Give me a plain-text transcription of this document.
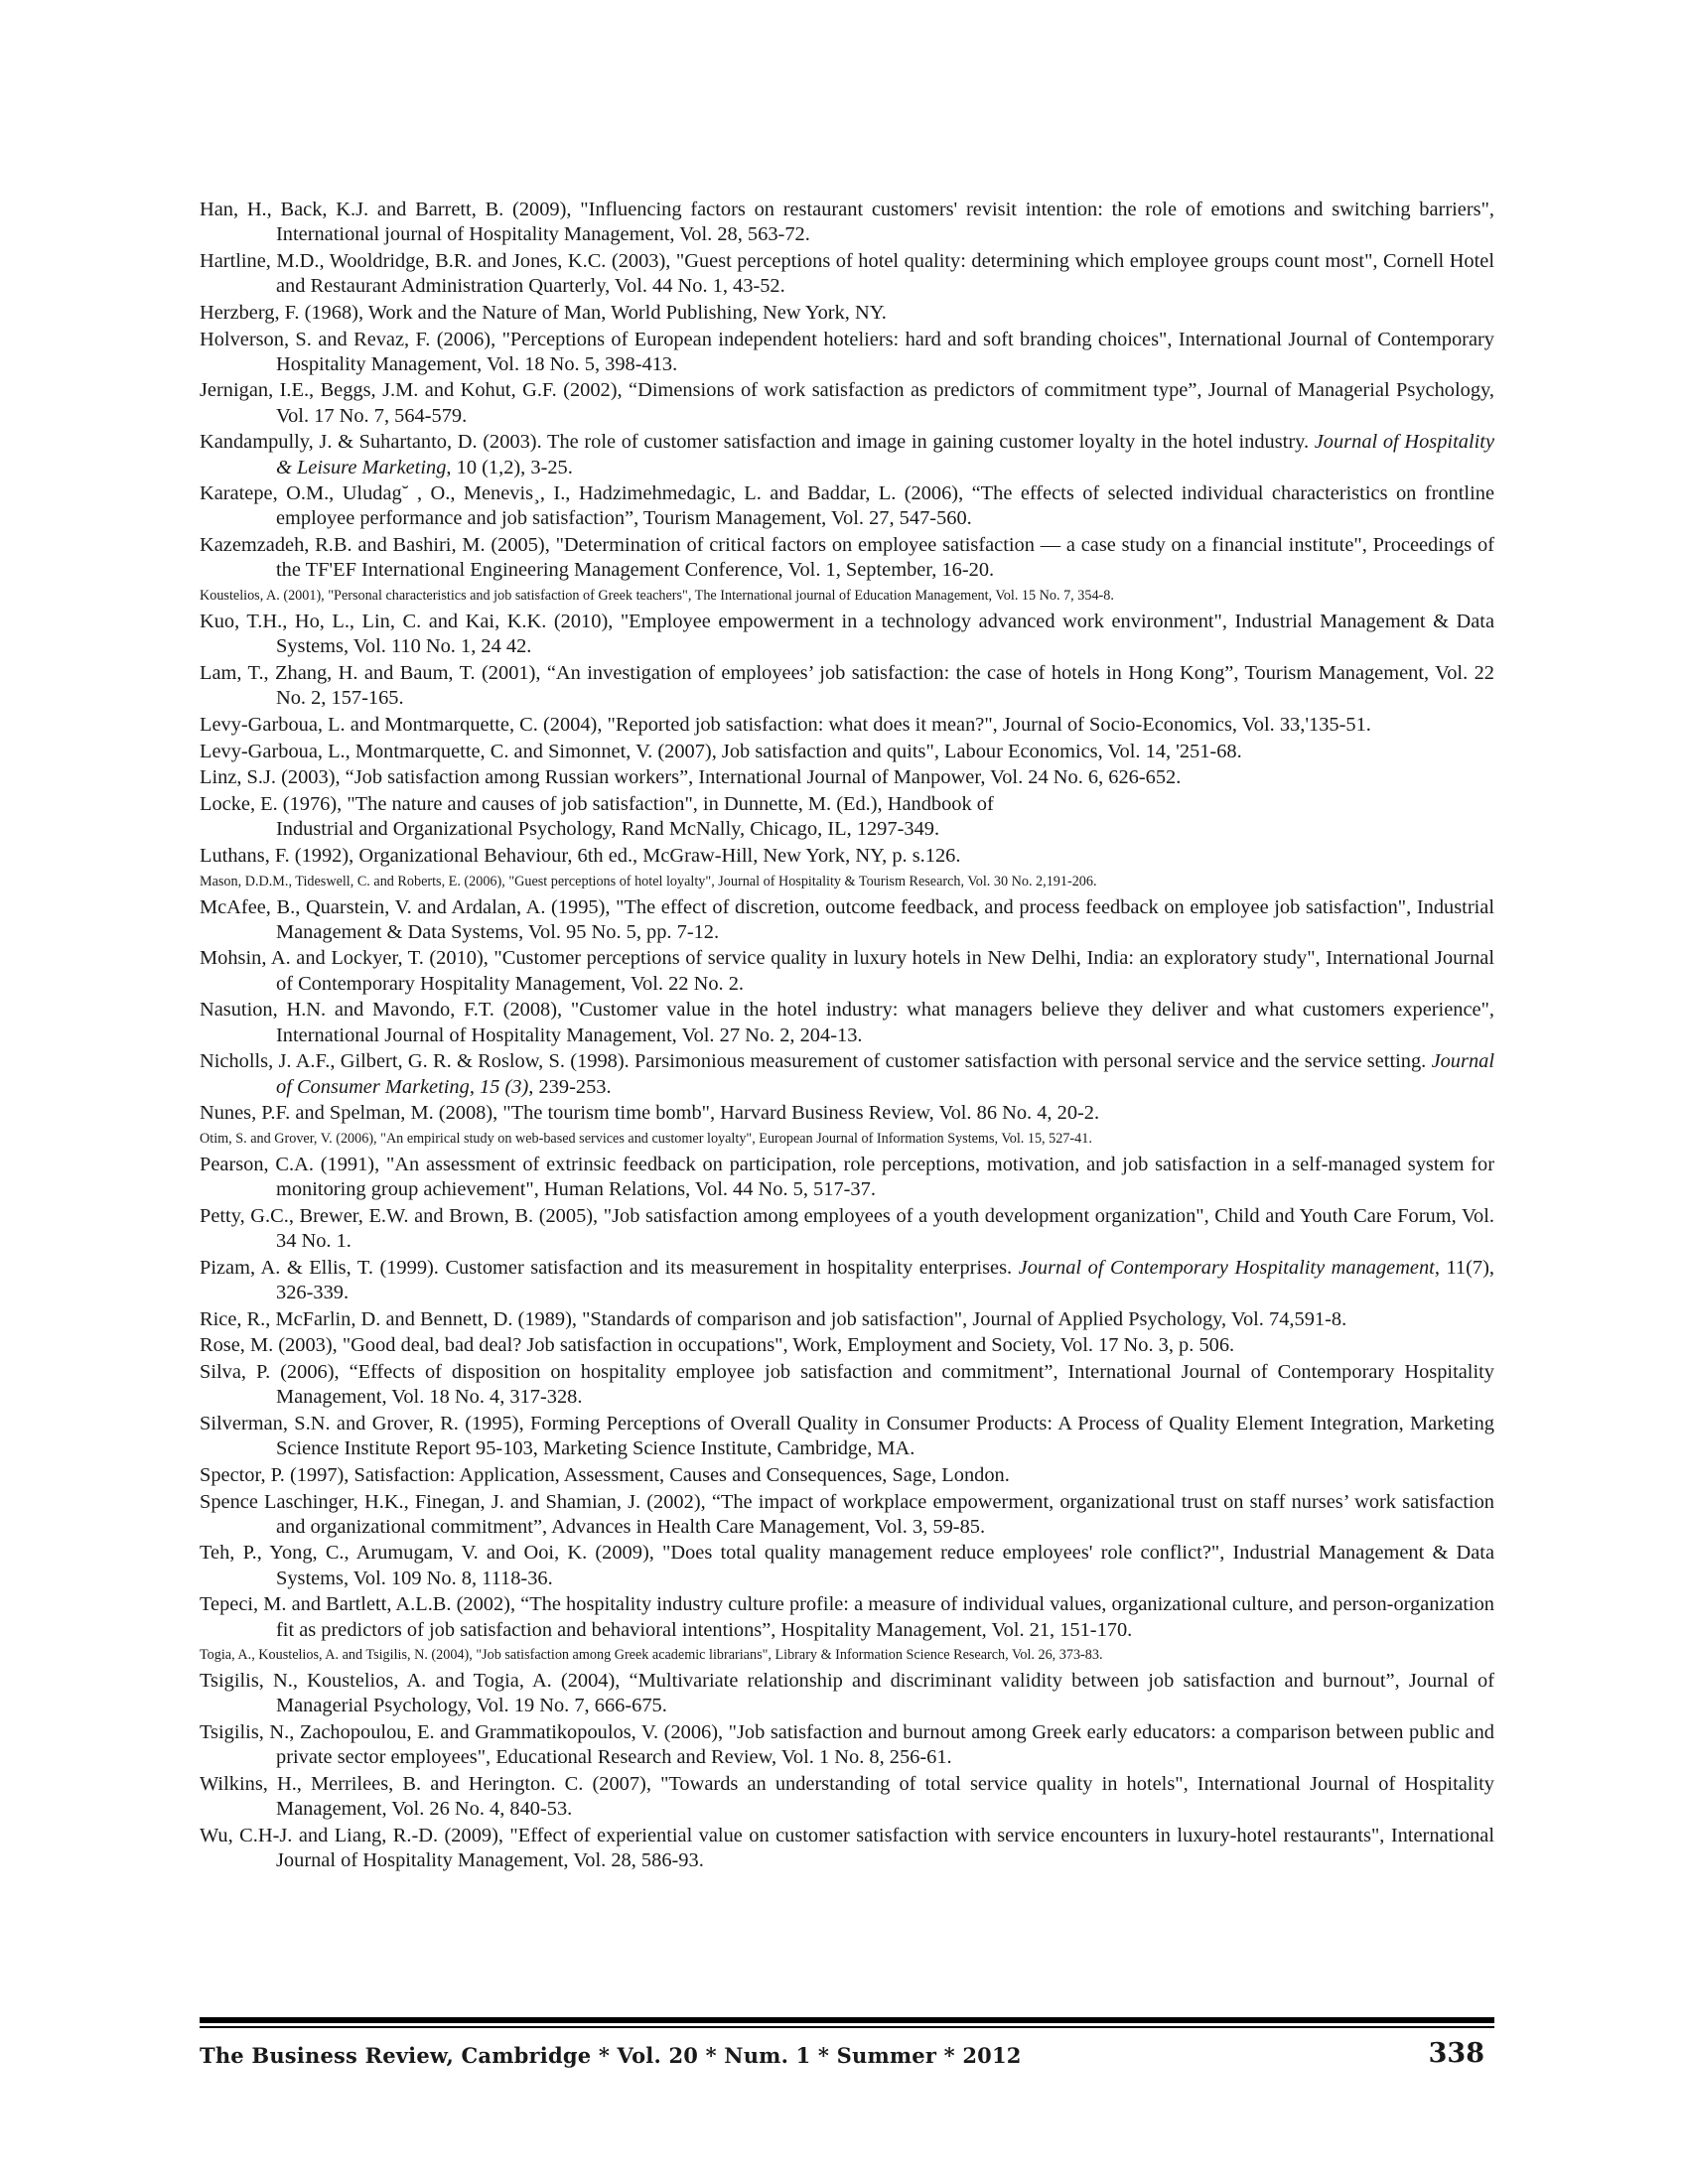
Han, H., Back, K.J. and Barrett, B. (2009), "Influencing factors on restaurant customers' revisit intention: the role of emotions and switching barriers", International journal of Hospitality Management, Vol. 28, 563-72.

Hartline, M.D., Wooldridge, B.R. and Jones, K.C. (2003), "Guest perceptions of hotel quality: determining which employee groups count most", Cornell Hotel and Restaurant Administration Quarterly, Vol. 44 No. 1, 43-52.

Herzberg, F. (1968), Work and the Nature of Man, World Publishing, New York, NY.

Holverson, S. and Revaz, F. (2006), "Perceptions of European independent hoteliers: hard and soft branding choices", International Journal of Contemporary Hospitality Management, Vol. 18 No. 5, 398-413.

Jernigan, I.E., Beggs, J.M. and Kohut, G.F. (2002), “Dimensions of work satisfaction as predictors of commitment type”, Journal of Managerial Psychology, Vol. 17 No. 7, 564-579.

Kandampully, J. & Suhartanto, D. (2003). The role of customer satisfaction and image in gaining customer loyalty in the hotel industry. Journal of Hospitality & Leisure Marketing, 10 (1,2), 3-25.

Karatepe, O.M., Uludag˘ , O., Menevis¸, I., Hadzimehmedagic, L. and Baddar, L. (2006), “The effects of selected individual characteristics on frontline employee performance and job satisfaction”, Tourism Management, Vol. 27, 547-560.

Kazemzadeh, R.B. and Bashiri, M. (2005), "Determination of critical factors on employee satisfaction — a case study on a financial institute", Proceedings of the TF'EF International Engineering Management Conference, Vol. 1, September, 16-20.

Koustelios, A. (2001), "Personal characteristics and job satisfaction of Greek teachers", The International journal of Education Management, Vol. 15 No. 7, 354-8.

Kuo, T.H., Ho, L., Lin, C. and Kai, K.K. (2010), "Employee empowerment in a technology advanced work environment", Industrial Management & Data Systems, Vol. 110 No. 1, 24 42.

Lam, T., Zhang, H. and Baum, T. (2001), “An investigation of employees’ job satisfaction: the case of hotels in Hong Kong”, Tourism Management, Vol. 22 No. 2, 157-165.

Levy-Garboua, L. and Montmarquette, C. (2004), "Reported job satisfaction: what does it mean?", Journal of Socio-Economics, Vol. 33,'135-51.

Levy-Garboua, L., Montmarquette, C. and Simonnet, V. (2007), Job satisfaction and quits", Labour Economics, Vol. 14, '251-68.

Linz, S.J. (2003), “Job satisfaction among Russian workers”, International Journal of Manpower, Vol. 24 No. 6, 626-652.

Locke, E. (1976), "The nature and causes of job satisfaction", in Dunnette, M. (Ed.), Handbook of
Industrial and Organizational Psychology, Rand McNally, Chicago, IL, 1297-349.

Luthans, F. (1992), Organizational Behaviour, 6th ed., McGraw-Hill, New York, NY, p. s.126.

Mason, D.D.M., Tideswell, C. and Roberts, E. (2006), "Guest perceptions of hotel loyalty", Journal of Hospitality & Tourism Research, Vol. 30 No. 2,191-206.

McAfee, B., Quarstein, V. and Ardalan, A. (1995), "The effect of discretion, outcome feedback, and process feedback on employee job satisfaction", Industrial Management & Data Systems, Vol. 95 No. 5, pp. 7-12.

Mohsin, A. and Lockyer, T. (2010), "Customer perceptions of service quality in luxury hotels in New Delhi, India: an exploratory study", International Journal of Contemporary Hospitality Management, Vol. 22 No. 2.

Nasution, H.N. and Mavondo, F.T. (2008), "Customer value in the hotel industry: what managers believe they deliver and what customers experience", International Journal of Hospitality Management, Vol. 27 No. 2, 204-13.

Nicholls, J. A.F., Gilbert, G. R. & Roslow, S. (1998). Parsimonious measurement of customer satisfaction with personal service and the service setting. Journal of Consumer Marketing, 15 (3), 239-253.

Nunes, P.F. and Spelman, M. (2008), "The tourism time bomb", Harvard Business Review, Vol. 86 No. 4, 20-2.

Otim, S. and Grover, V. (2006), "An empirical study on web-based services and customer loyalty", European Journal of Information Systems, Vol. 15, 527-41.

Pearson, C.A. (1991), "An assessment of extrinsic feedback on participation, role perceptions, motivation, and job satisfaction in a self-managed system for monitoring group achievement", Human Relations, Vol. 44 No. 5, 517-37.

Petty, G.C., Brewer, E.W. and Brown, B. (2005), "Job satisfaction among employees of a youth development organization", Child and Youth Care Forum, Vol. 34 No. 1.

Pizam, A. & Ellis, T. (1999). Customer satisfaction and its measurement in hospitality enterprises. Journal of Contemporary Hospitality management, 11(7), 326-339.

Rice, R., McFarlin, D. and Bennett, D. (1989), "Standards of comparison and job satisfaction", Journal of Applied Psychology, Vol. 74,591-8.

Rose, M. (2003), "Good deal, bad deal? Job satisfaction in occupations", Work, Employment and Society, Vol. 17 No. 3, p. 506.

Silva, P. (2006), “Effects of disposition on hospitality employee job satisfaction and commitment”, International Journal of Contemporary Hospitality Management, Vol. 18 No. 4, 317-328.

Silverman, S.N. and Grover, R. (1995), Forming Perceptions of Overall Quality in Consumer Products: A Process of Quality Element Integration, Marketing Science Institute Report 95-103, Marketing Science Institute, Cambridge, MA.

Spector, P. (1997), Satisfaction: Application, Assessment, Causes and Consequences, Sage, London.

Spence Laschinger, H.K., Finegan, J. and Shamian, J. (2002), “The impact of workplace empowerment, organizational trust on staff nurses’ work satisfaction and organizational commitment”, Advances in Health Care Management, Vol. 3, 59-85.

Teh, P., Yong, C., Arumugam, V. and Ooi, K. (2009), "Does total quality management reduce employees' role conflict?", Industrial Management & Data Systems, Vol. 109 No. 8, 1118-36.

Tepeci, M. and Bartlett, A.L.B. (2002), “The hospitality industry culture profile: a measure of individual values, organizational culture, and person-organization fit as predictors of job satisfaction and behavioral intentions”, Hospitality Management, Vol. 21, 151-170.

Togia, A., Koustelios, A. and Tsigilis, N. (2004), "Job satisfaction among Greek academic librarians", Library & Information Science Research, Vol. 26, 373-83.

Tsigilis, N., Koustelios, A. and Togia, A. (2004), “Multivariate relationship and discriminant validity between job satisfaction and burnout”, Journal of Managerial Psychology, Vol. 19 No. 7, 666-675.

Tsigilis, N., Zachopoulou, E. and Grammatikopoulos, V. (2006), "Job satisfaction and burnout among Greek early educators: a comparison between public and private sector employees", Educational Research and Review, Vol. 1 No. 8, 256-61.

Wilkins, H., Merrilees, B. and Herington. C. (2007), "Towards an understanding of total service quality in hotels", International Journal of Hospitality Management, Vol. 26 No. 4, 840-53.

Wu, C.H-J. and Liang, R.-D. (2009), "Effect of experiential value on customer satisfaction with service encounters in luxury-hotel restaurants", International Journal of Hospitality Management, Vol. 28, 586-93.

The Business Review, Cambridge * Vol. 20 * Num. 1 * Summer * 2012	338
